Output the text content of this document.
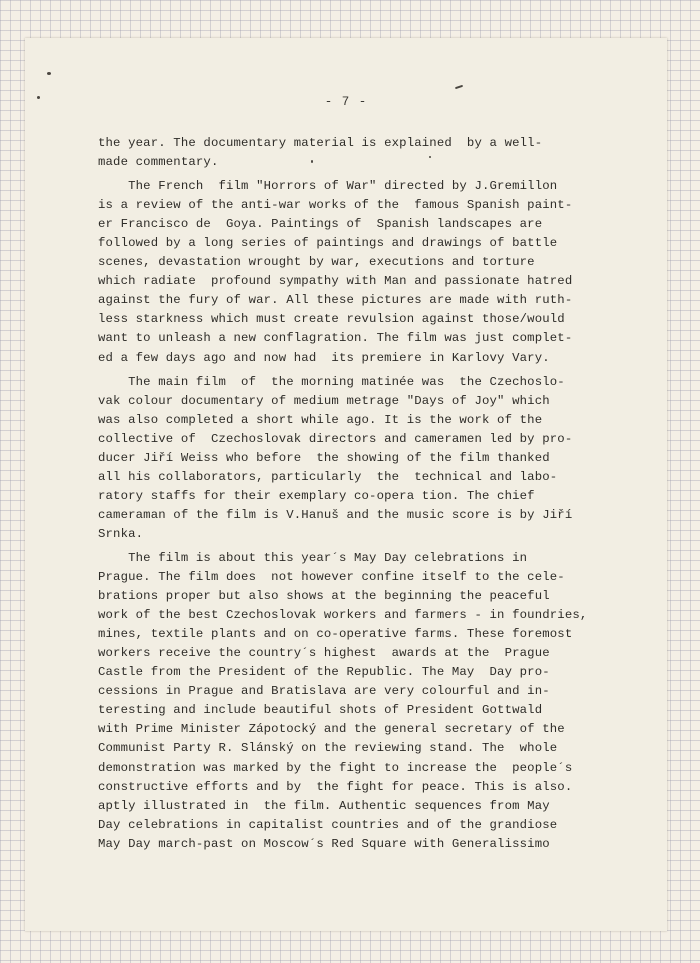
- 7 -
the year. The documentary material is explained  by a well-
made commentary.
The French  film "Horrors of War" directed by J.Gremillon
is a review of the anti-war works of the  famous Spanish paint-
er Francisco de  Goya. Paintings of  Spanish landscapes are
followed by a long series of paintings and drawings of battle
scenes, devastation wrought by war, executions and torture
which radiate  profound sympathy with Man and passionate hatred
against the fury of war. All these pictures are made with ruth-
less starkness which must create revulsion against those/would
want to unleash a new conflagration. The film was just complet-
ed a few days ago and now had  its premiere in Karlovy Vary.
The main film  of  the morning matinée was  the Czechoslo-
vak colour documentary of medium metrage "Days of Joy" which
was also completed a short while ago. It is the work of the
collective of  Czechoslovak directors and cameramen led by pro-
ducer Jiří Weiss who before  the showing of the film thanked
all his collaborators, particularly  the  technical and labo-
ratory staffs for their exemplary co-opera tion. The chief
cameraman of the film is V.Hanuš and the music score is by Jiří
Srnka.
The film is about this year´s May Day celebrations in
Prague. The film does  not however confine itself to the cele-
brations proper but also shows at the beginning the peaceful
work of the best Czechoslovak workers and farmers - in foundries,
mines, textile plants and on co-operative farms. These foremost
workers receive the country´s highest  awards at the  Prague
Castle from the President of the Republic. The May  Day pro-
cessions in Prague and Bratislava are very colourful and in-
teresting and include beautiful shots of President Gottwald
with Prime Minister Zápotocký and the general secretary of the
Communist Party R. Slánský on the reviewing stand. The  whole
demonstration was marked by the fight to increase the  people´s
constructive efforts and by  the fight for peace. This is also.
aptly illustrated in  the film. Authentic sequences from May
Day celebrations in capitalist countries and of the grandiose
May Day march-past on Moscow´s Red Square with Generalissimo
